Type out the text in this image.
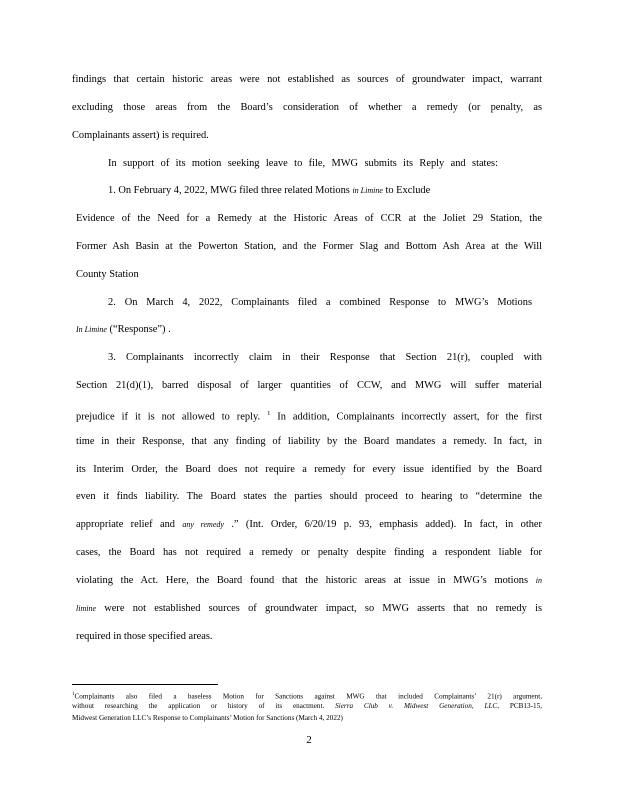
findings that certain historic areas were not established as sources of groundwater impact, warrant
excluding those areas from the Board’s consideration of whether a remedy (or penalty, as
Complainants assert) is required.
In support of its motion seeking leave to file, MWG submits its Reply and states:
1. On February 4, 2022, MWG filed three related Motions in Limine to Exclude
Evidence of the Need for a Remedy at the Historic Areas of CCR at the Joliet 29 Station, the
Former Ash Basin at the Powerton Station, and the Former Slag and Bottom Ash Area at the Will
County Station
2. On March 4, 2022, Complainants filed a combined Response to MWG’s Motions
In Limine (“Response”) .
3. Complainants incorrectly claim in their Response that Section 21(r), coupled with
Section 21(d)(1), barred disposal of larger quantities of CCW, and MWG will suffer material
prejudice if it is not allowed to reply. $^1$ In addition, Complainants incorrectly assert, for the first
time in their Response, that any finding of liability by the Board mandates a remedy. In fact, in
its Interim Order, the Board does not require a remedy for every issue identified by the Board
even it finds liability. The Board states the parties should proceed to hearing to “determine the
appropriate relief and any remedy .” (Int. Order, 6/20/19 p. 93, emphasis added). In fact, in other
cases, the Board has not required a remedy or penalty despite finding a respondent liable for
violating the Act. Here, the Board found that the historic areas at issue in MWG’s motions in
limine were not established sources of groundwater impact, so MWG asserts that no remedy is
required in those specified areas.
$^1$Complainants also filed a baseless Motion for Sanctions against MWG that included Complainants’ 21(r) argument,
without researching the application or history of its enactment. Sierra Club v. Midwest Generation, LLC, PCB13-15,
Midwest Generation LLC’s Response to Complainants’ Motion for Sanctions (March 4, 2022)
2
